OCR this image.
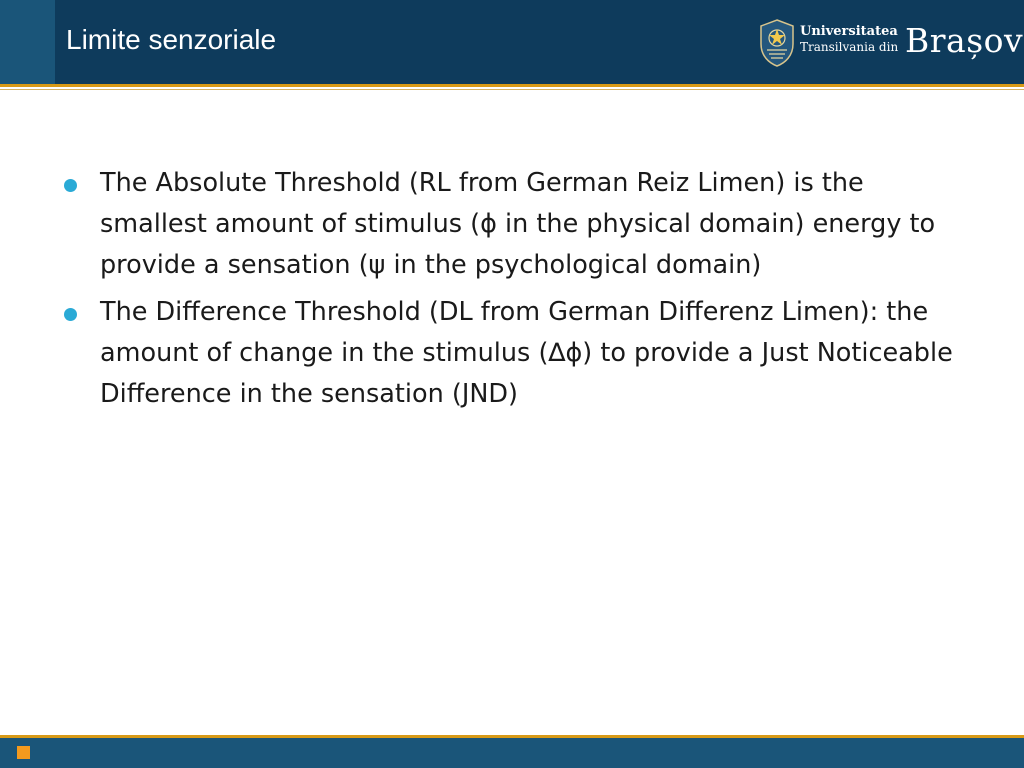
Limite senzoriale	Universitatea
Transilvania din Brașov
The Absolute Threshold (RL from German Reiz Limen) is the smallest amount of stimulus (ϕ in the physical domain) energy to provide a sensation (ψ in the psychological domain)
The Difference Threshold (DL from German Differenz Limen): the amount of change in the stimulus (∆ϕ) to provide a Just Noticeable Difference in the sensation (JND)
